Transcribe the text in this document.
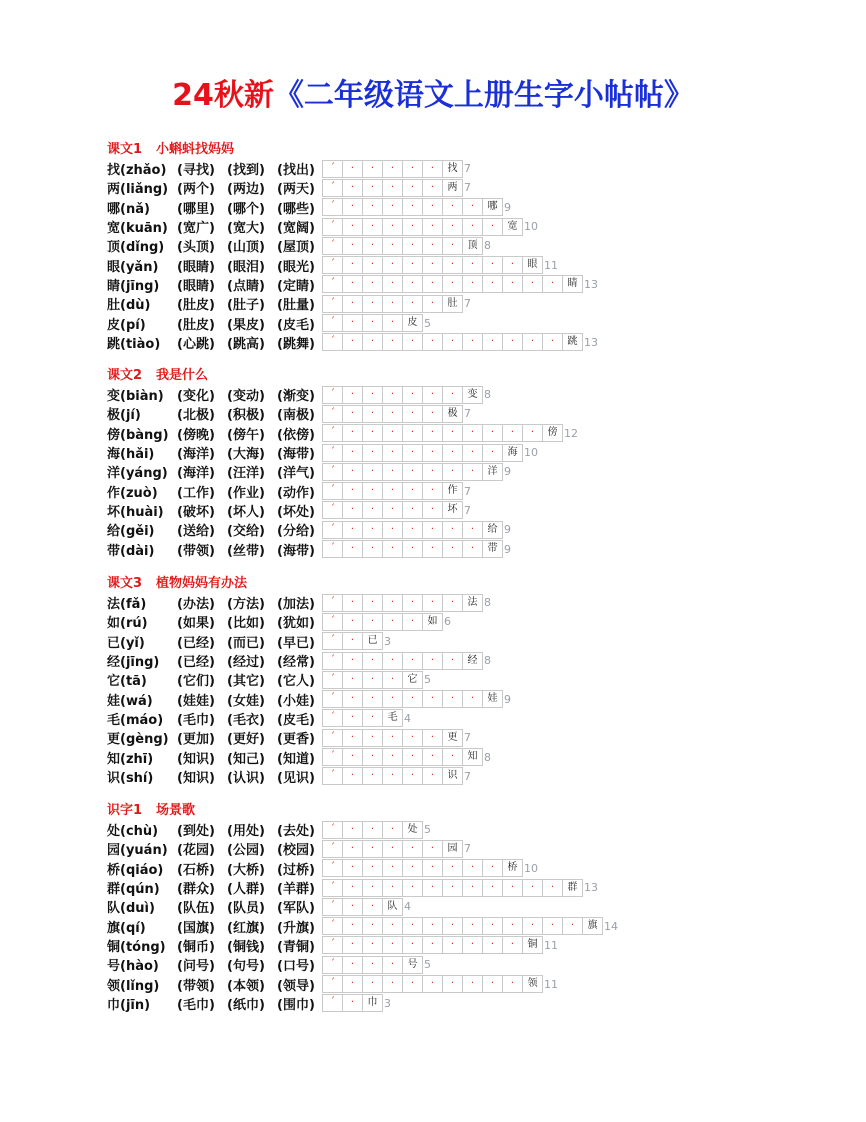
24秋新《二年级语文上册生字小帖帖》
课文1 小蝌蚪找妈妈
找(zhǎo) (寻找) (找到) (找出)	ˊ	·	·	·	·	·	找 7
两(liǎng) (两个) (两边) (两天)	ˊ	·	·	·	·	·	两 7
哪(nǎ)	(哪里) (哪个) (哪些)	ˊ	·	·	·	·	·	·	·	哪 9
宽(kuān) (宽广) (宽大) (宽阔)	ˊ	·	·	·	·	·	·	·	·	宽 10
顶(dǐng) (头顶) (山顶) (屋顶)	ˊ	·	·	·	·	·	·	顶 8
眼(yǎn)	(眼睛) (眼泪) (眼光)	ˊ	·	·	·	·	·	·	·	·	·	眼 11
睛(jīng)	(眼睛) (点睛) (定睛)	ˊ	·	·	·	·	·	·	·	·	·	·	·	睛 13
肚(dù)	(肚皮) (肚子) (肚量)	ˊ	·	·	·	·	·	肚 7
皮(pí)	(肚皮) (果皮) (皮毛)	ˊ	·	·	·	皮 5
跳(tiào)	(心跳) (跳高) (跳舞)	ˊ	·	·	·	·	·	·	·	·	·	·	·	跳 13
课文2 我是什么
变(biàn)	(变化) (变动) (渐变)	ˊ	·	·	·	·	·	·	变 8
极(jí)	(北极) (积极) (南极)	ˊ	·	·	·	·	·	极 7
傍(bàng) (傍晚) (傍午) (依傍)	ˊ	·	·	·	·	·	·	·	·	·	·	傍 12
海(hǎi)	(海洋) (大海) (海带)	ˊ	·	·	·	·	·	·	·	·	海 10
洋(yáng) (海洋) (汪洋) (洋气)	ˊ	·	·	·	·	·	·	·	洋 9
作(zuò)	(工作) (作业) (动作)	ˊ	·	·	·	·	·	作 7
坏(huài)	(破坏) (坏人) (坏处)	ˊ	·	·	·	·	·	坏 7
给(gěi)	(送给) (交给) (分给)	ˊ	·	·	·	·	·	·	·	给 9
带(dài)	(带领) (丝带) (海带)	ˊ	·	·	·	·	·	·	·	带 9
课文3 植物妈妈有办法
法(fǎ)	(办法) (方法) (加法)	ˊ	·	·	·	·	·	·	法 8
如(rú)	(如果) (比如) (犹如)	ˊ	·	·	·	·	如 6
已(yǐ)	(已经) (而已) (早已)	ˊ	·	已 3
经(jīng)	(已经) (经过) (经常)	ˊ	·	·	·	·	·	·	经 8
它(tā)	(它们) (其它) (它人)	ˊ	·	·	·	它 5
娃(wá)	(娃娃) (女娃) (小娃)	ˊ	·	·	·	·	·	·	·	娃 9
毛(máo)	(毛巾) (毛衣) (皮毛)	ˊ	·	·	毛 4
更(gèng) (更加) (更好) (更香)	ˊ	·	·	·	·	·	更 7
知(zhī)	(知识) (知己) (知道)	ˊ	·	·	·	·	·	·	知 8
识(shí)	(知识) (认识) (见识)	ˊ	·	·	·	·	·	识 7
识字1 场景歌
处(chù)	(到处) (用处) (去处)	ˊ	·	·	·	处 5
园(yuán) (花园) (公园) (校园)	ˊ	·	·	·	·	·	园 7
桥(qiáo)	(石桥) (大桥) (过桥)	ˊ	·	·	·	·	·	·	·	·	桥 10
群(qún)	(群众) (人群) (羊群)	ˊ	·	·	·	·	·	·	·	·	·	·	·	群 13
队(duì)	(队伍) (队员) (军队)	ˊ	·	·	队 4
旗(qí)	(国旗) (红旗) (升旗)	ˊ	·	·	·	·	·	·	·	·	·	·	·	·	旗 14
铜(tóng) (铜币) (铜钱) (青铜)	ˊ	·	·	·	·	·	·	·	·	·	铜 11
号(hào)	(问号) (句号) (口号)	ˊ	·	·	·	号 5
领(lǐng)	(带领) (本领) (领导)	ˊ	·	·	·	·	·	·	·	·	·	领 11
巾(jīn)	(毛巾) (纸巾) (围巾)	ˊ	·	巾 3
